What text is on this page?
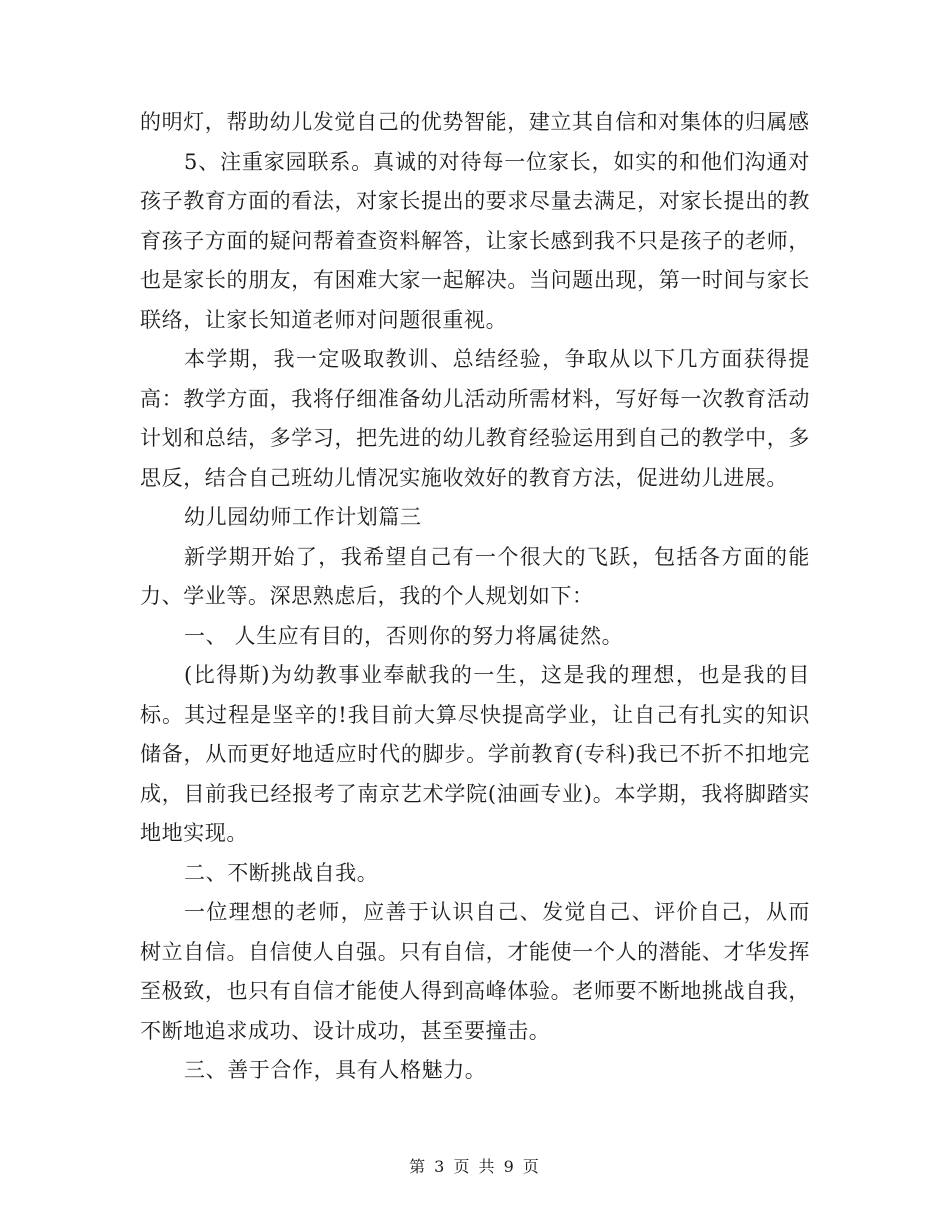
的明灯，帮助幼儿发觉自己的优势智能，建立其自信和对集体的归属感

5、注重家园联系。真诚的对待每一位家长，如实的和他们沟通对孩子教育方面的看法，对家长提出的要求尽量去满足，对家长提出的教育孩子方面的疑问帮着查资料解答，让家长感到我不只是孩子的老师，也是家长的朋友，有困难大家一起解决。当问题出现，第一时间与家长联络，让家长知道老师对问题很重视。

本学期，我一定吸取教训、总结经验，争取从以下几方面获得提高：教学方面，我将仔细准备幼儿活动所需材料，写好每一次教育活动计划和总结，多学习，把先进的幼儿教育经验运用到自己的教学中，多思反，结合自己班幼儿情况实施收效好的教育方法，促进幼儿进展。

幼儿园幼师工作计划篇三

新学期开始了，我希望自己有一个很大的飞跃，包括各方面的能力、学业等。深思熟虑后，我的个人规划如下：

一、 人生应有目的，否则你的努力将属徒然。

(比得斯)为幼教事业奉献我的一生，这是我的理想，也是我的目标。其过程是坚辛的!我目前大算尽快提高学业，让自己有扎实的知识储备，从而更好地适应时代的脚步。学前教育(专科)我已不折不扣地完成，目前我已经报考了南京艺术学院(油画专业)。本学期，我将脚踏实地地实现。

二、不断挑战自我。

一位理想的老师，应善于认识自己、发觉自己、评价自己，从而树立自信。自信使人自强。只有自信，才能使一个人的潜能、才华发挥至极致，也只有自信才能使人得到高峰体验。老师要不断地挑战自我，不断地追求成功、设计成功，甚至要撞击。

三、善于合作，具有人格魅力。

第 3 页 共 9 页
